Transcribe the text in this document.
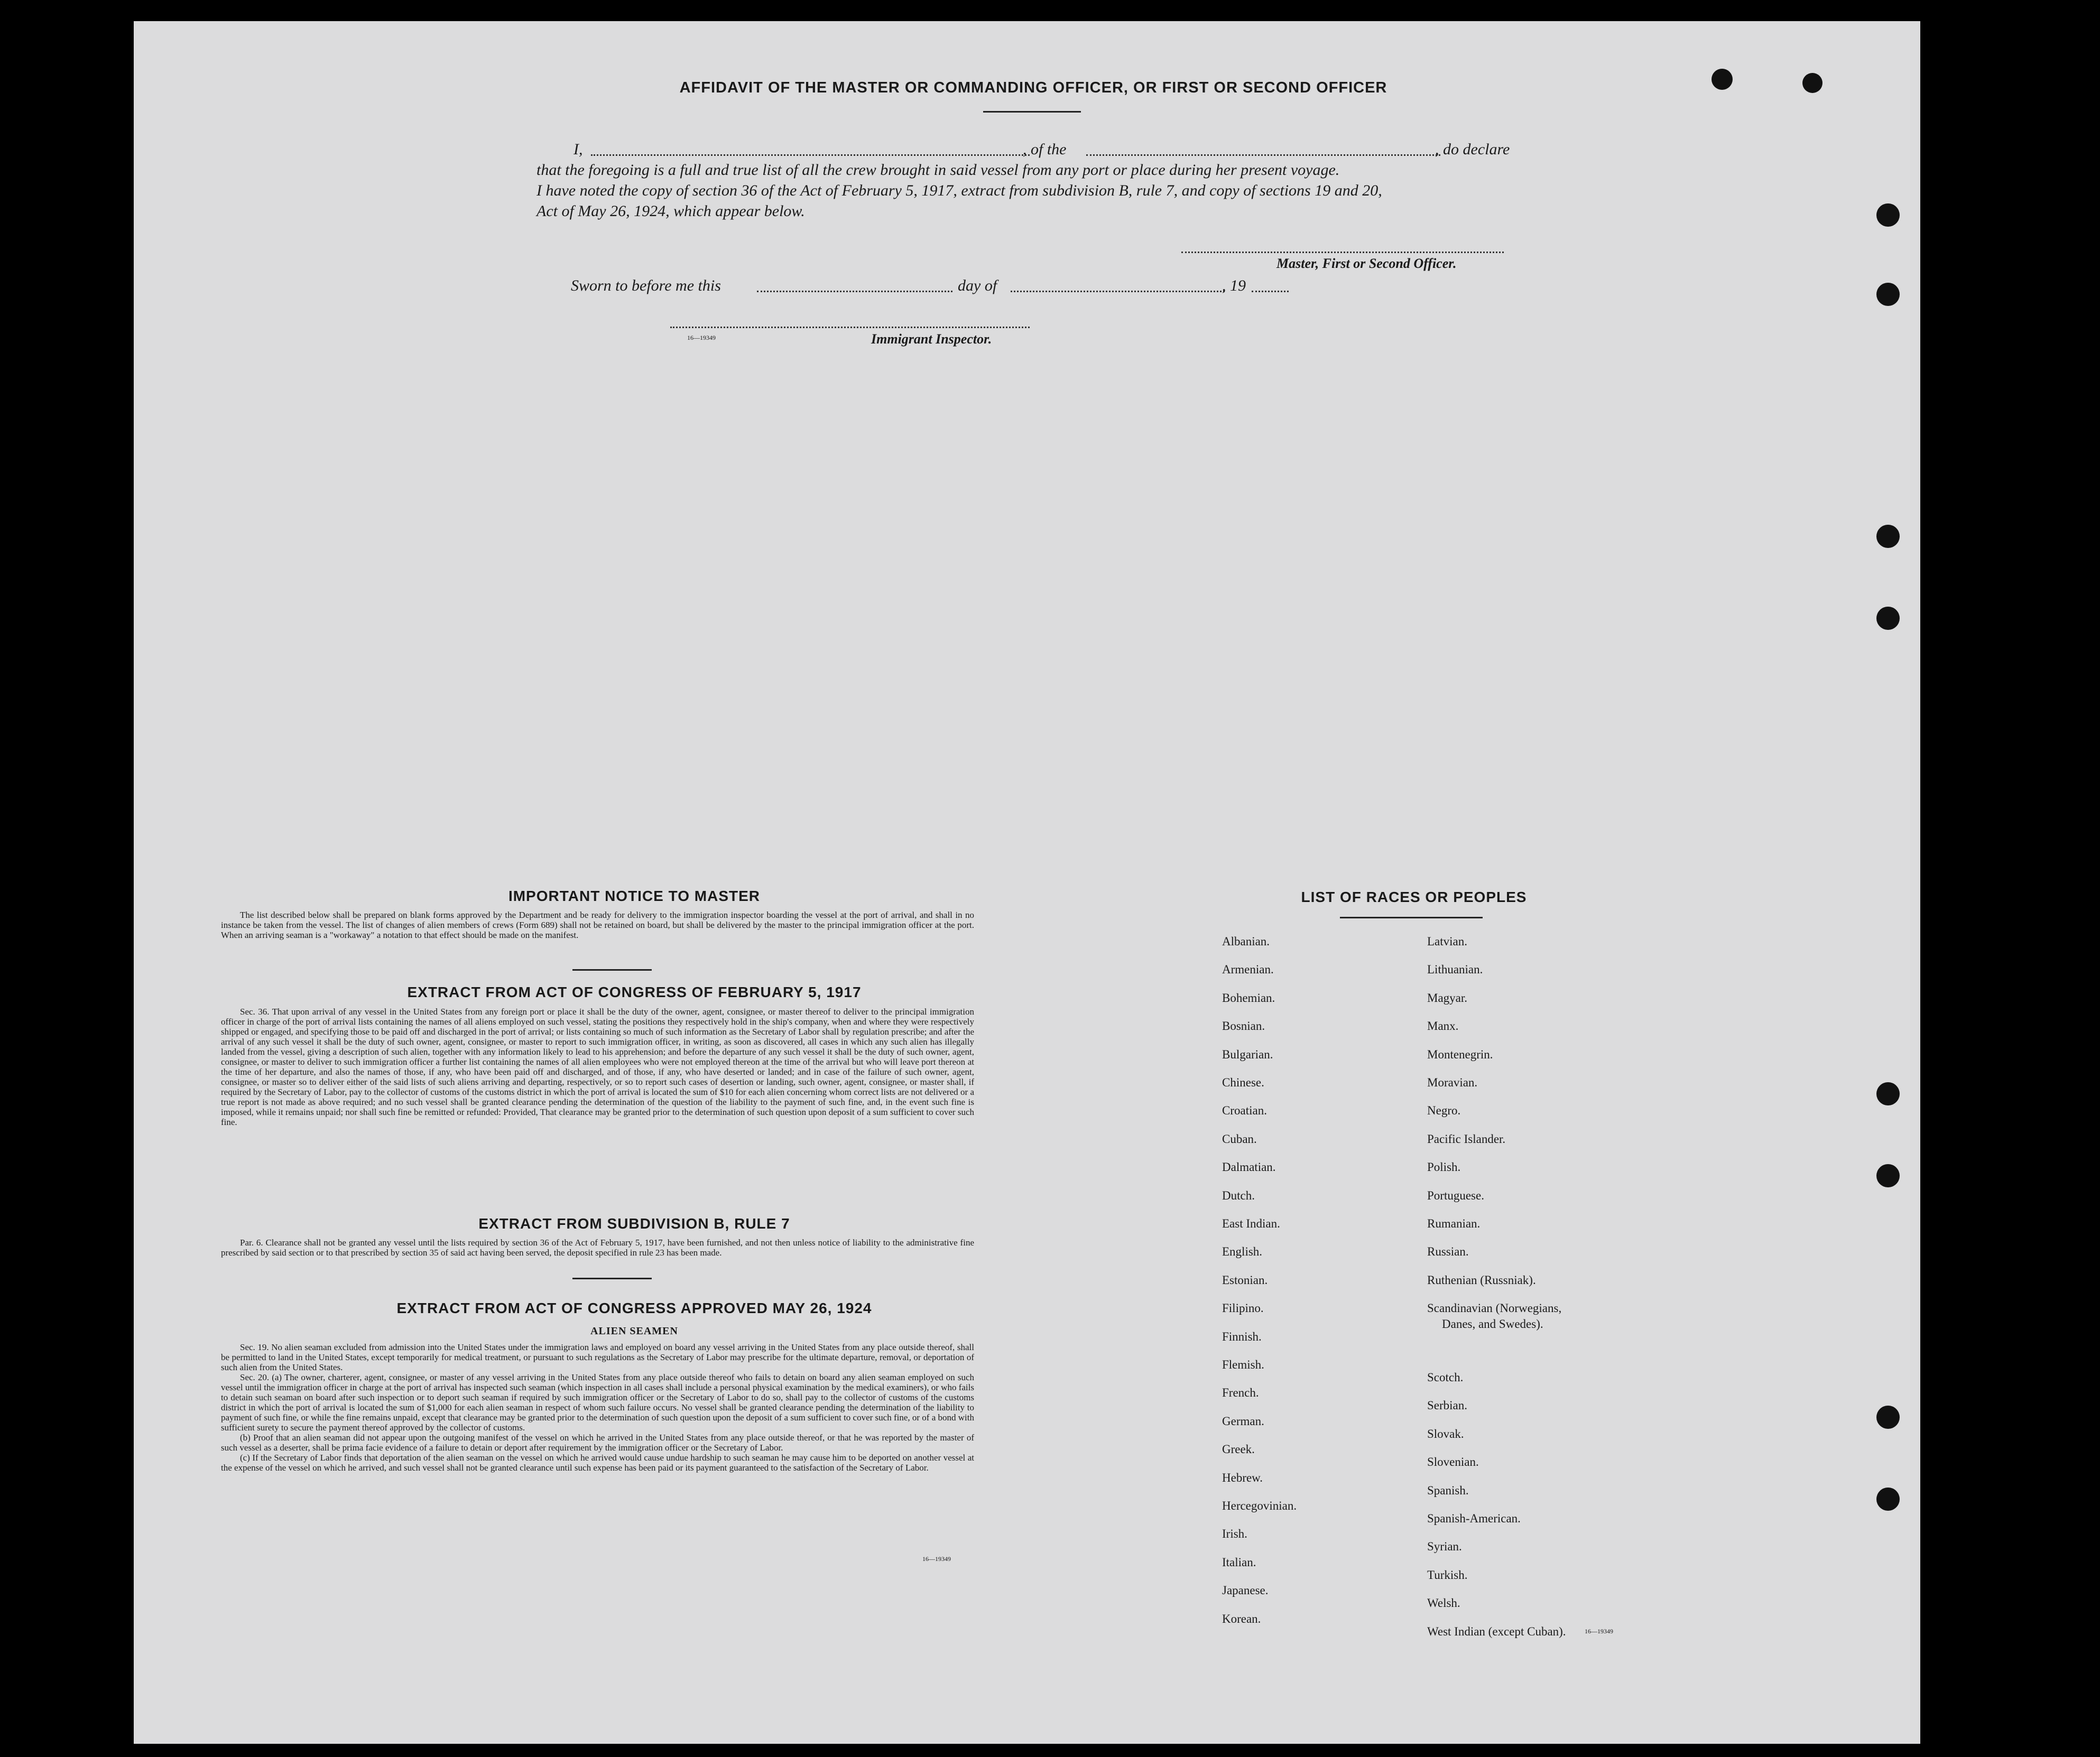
AFFIDAVIT OF THE MASTER OR COMMANDING OFFICER, OR FIRST OR SECOND OFFICER
I,	, of the	, do declare
that the foregoing is a full and true list of all the crew brought in said vessel from any port or place during her present voyage.
I have noted the copy of section 36 of the Act of February 5, 1917, extract from subdivision B, rule 7, and copy of sections 19 and 20,
Act of May 26, 1924, which appear below.
Master, First or Second Officer.
Sworn to before me this	day of	, 19
16—19349	Immigrant Inspector.
IMPORTANT NOTICE TO MASTER

The list described below shall be prepared on blank forms approved by the Department and be ready for delivery to the immigration inspector boarding the vessel at the port of arrival, and shall in no instance be taken from the vessel. The list of changes of alien members of crews (Form 689) shall not be retained on board, but shall be delivered by the master to the principal immigration officer at the port. When an arriving seaman is a "workaway" a notation to that effect should be made on the manifest.

EXTRACT FROM ACT OF CONGRESS OF FEBRUARY 5, 1917

Sec. 36. That upon arrival of any vessel in the United States from any foreign port or place it shall be the duty of the owner, agent, consignee, or master thereof to deliver to the principal immigration officer in charge of the port of arrival lists containing the names of all aliens employed on such vessel, stating the positions they respectively hold in the ship's company, when and where they were respectively shipped or engaged, and specifying those to be paid off and discharged in the port of arrival; or lists containing so much of such information as the Secretary of Labor shall by regulation prescribe; and after the arrival of any such vessel it shall be the duty of such owner, agent, consignee, or master to report to such immigration officer, in writing, as soon as discovered, all cases in which any such alien has illegally landed from the vessel, giving a description of such alien, together with any information likely to lead to his apprehension; and before the departure of any such vessel it shall be the duty of such owner, agent, consignee, or master to deliver to such immigration officer a further list containing the names of all alien employees who were not employed thereon at the time of the arrival but who will leave port thereon at the time of her departure, and also the names of those, if any, who have been paid off and discharged, and of those, if any, who have deserted or landed; and in case of the failure of such owner, agent, consignee, or master so to deliver either of the said lists of such aliens arriving and departing, respectively, or so to report such cases of desertion or landing, such owner, agent, consignee, or master shall, if required by the Secretary of Labor, pay to the collector of customs of the customs district in which the port of arrival is located the sum of $10 for each alien concerning whom correct lists are not delivered or a true report is not made as above required; and no such vessel shall be granted clearance pending the determination of the question of the liability to the payment of such fine, and, in the event such fine is imposed, while it remains unpaid; nor shall such fine be remitted or refunded: Provided, That clearance may be granted prior to the determination of such question upon deposit of a sum sufficient to cover such fine.

EXTRACT FROM SUBDIVISION B, RULE 7

Par. 6. Clearance shall not be granted any vessel until the lists required by section 36 of the Act of February 5, 1917, have been furnished, and not then unless notice of liability to the administrative fine prescribed by said section or to that prescribed by section 35 of said act having been served, the deposit specified in rule 23 has been made.

EXTRACT FROM ACT OF CONGRESS APPROVED MAY 26, 1924
ALIEN SEAMEN

Sec. 19. No alien seaman excluded from admission into the United States under the immigration laws and employed on board any vessel arriving in the United States from any place outside thereof, shall be permitted to land in the United States, except temporarily for medical treatment, or pursuant to such regulations as the Secretary of Labor may prescribe for the ultimate departure, removal, or deportation of such alien from the United States.

Sec. 20. (a) The owner, charterer, agent, consignee, or master of any vessel arriving in the United States from any place outside thereof who fails to detain on board any alien seaman employed on such vessel until the immigration officer in charge at the port of arrival has inspected such seaman (which inspection in all cases shall include a personal physical examination by the medical examiners), or who fails to detain such seaman on board after such inspection or to deport such seaman if required by such immigration officer or the Secretary of Labor to do so, shall pay to the collector of customs of the customs district in which the port of arrival is located the sum of $1,000 for each alien seaman in respect of whom such failure occurs. No vessel shall be granted clearance pending the determination of the liability to payment of such fine, or while the fine remains unpaid, except that clearance may be granted prior to the determination of such question upon the deposit of a sum sufficient to cover such fine, or of a bond with sufficient surety to secure the payment thereof approved by the collector of customs.

(b) Proof that an alien seaman did not appear upon the outgoing manifest of the vessel on which he arrived in the United States from any place outside thereof, or that he was reported by the master of such vessel as a deserter, shall be prima facie evidence of a failure to detain or deport after requirement by the immigration officer or the Secretary of Labor.

(c) If the Secretary of Labor finds that deportation of the alien seaman on the vessel on which he arrived would cause undue hardship to such seaman he may cause him to be deported on another vessel at the expense of the vessel on which he arrived, and such vessel shall not be granted clearance until such expense has been paid or its payment guaranteed to the satisfaction of the Secretary of Labor.

16—19349
LIST OF RACES OR PEOPLES
Albanian.
Armenian.
Bohemian.
Bosnian.
Bulgarian.
Chinese.
Croatian.
Cuban.
Dalmatian.
Dutch.
East Indian.
English.
Estonian.
Filipino.
Finnish.
Flemish.
French.
German.
Greek.
Hebrew.
Hercegovinian.
Irish.
Italian.
Japanese.
Korean.
Latvian.
Lithuanian.
Magyar.
Manx.
Montenegrin.
Moravian.
Negro.
Pacific Islander.
Polish.
Portuguese.
Rumanian.
Russian.
Ruthenian (Russniak).
Scandinavian (Norwegians,
Danes, and Swedes).
Scotch.
Serbian.
Slovak.
Slovenian.
Spanish.
Spanish-American.
Syrian.
Turkish.
Welsh.
West Indian (except Cuban).	16—19349
